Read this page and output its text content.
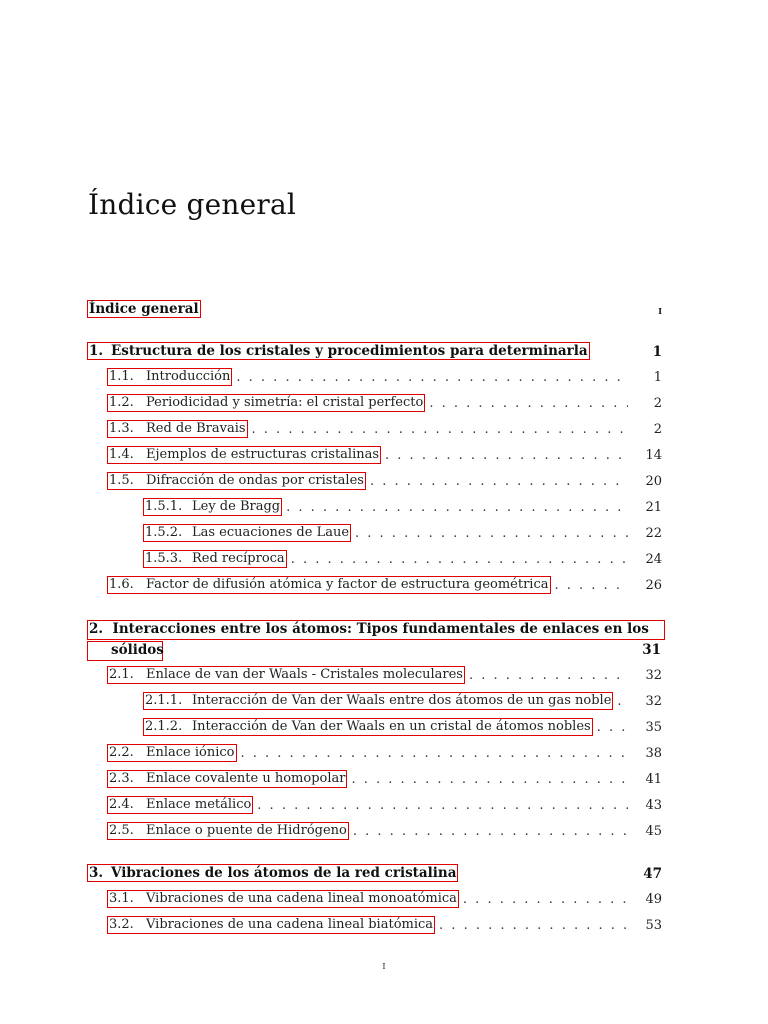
Índice general
Índice general	i
1. Estructura de los cristales y procedimientos para determinarla	1
1.1. Introducción . . .	1
1.2. Periodicidad y simetría: el cristal perfecto . . .	2
1.3. Red de Bravais . . .	2
1.4. Ejemplos de estructuras cristalinas . . .	14
1.5. Difracción de ondas por cristales . . .	20
1.5.1. Ley de Bragg . . .	21
1.5.2. Las ecuaciones de Laue . . .	22
1.5.3. Red recíproca . . .	24
1.6. Factor de difusión atómica y factor de estructura geométrica . . .	26
2. Interacciones entre los átomos: Tipos fundamentales de enlaces en los
sólidos	31
2.1. Enlace de van der Waals - Cristales moleculares . . .	32
2.1.1. Interacción de Van der Waals entre dos átomos de un gas noble . . .	32
2.1.2. Interacción de Van der Waals en un cristal de átomos nobles . . .	35
2.2. Enlace iónico . . .	38
2.3. Enlace covalente u homopolar . . .	41
2.4. Enlace metálico . . .	43
2.5. Enlace o puente de Hidrógeno . . .	45
3. Vibraciones de los átomos de la red cristalina	47
3.1. Vibraciones de una cadena lineal monoatómica . . .	49
3.2. Vibraciones de una cadena lineal biatómica . . .	53
i
